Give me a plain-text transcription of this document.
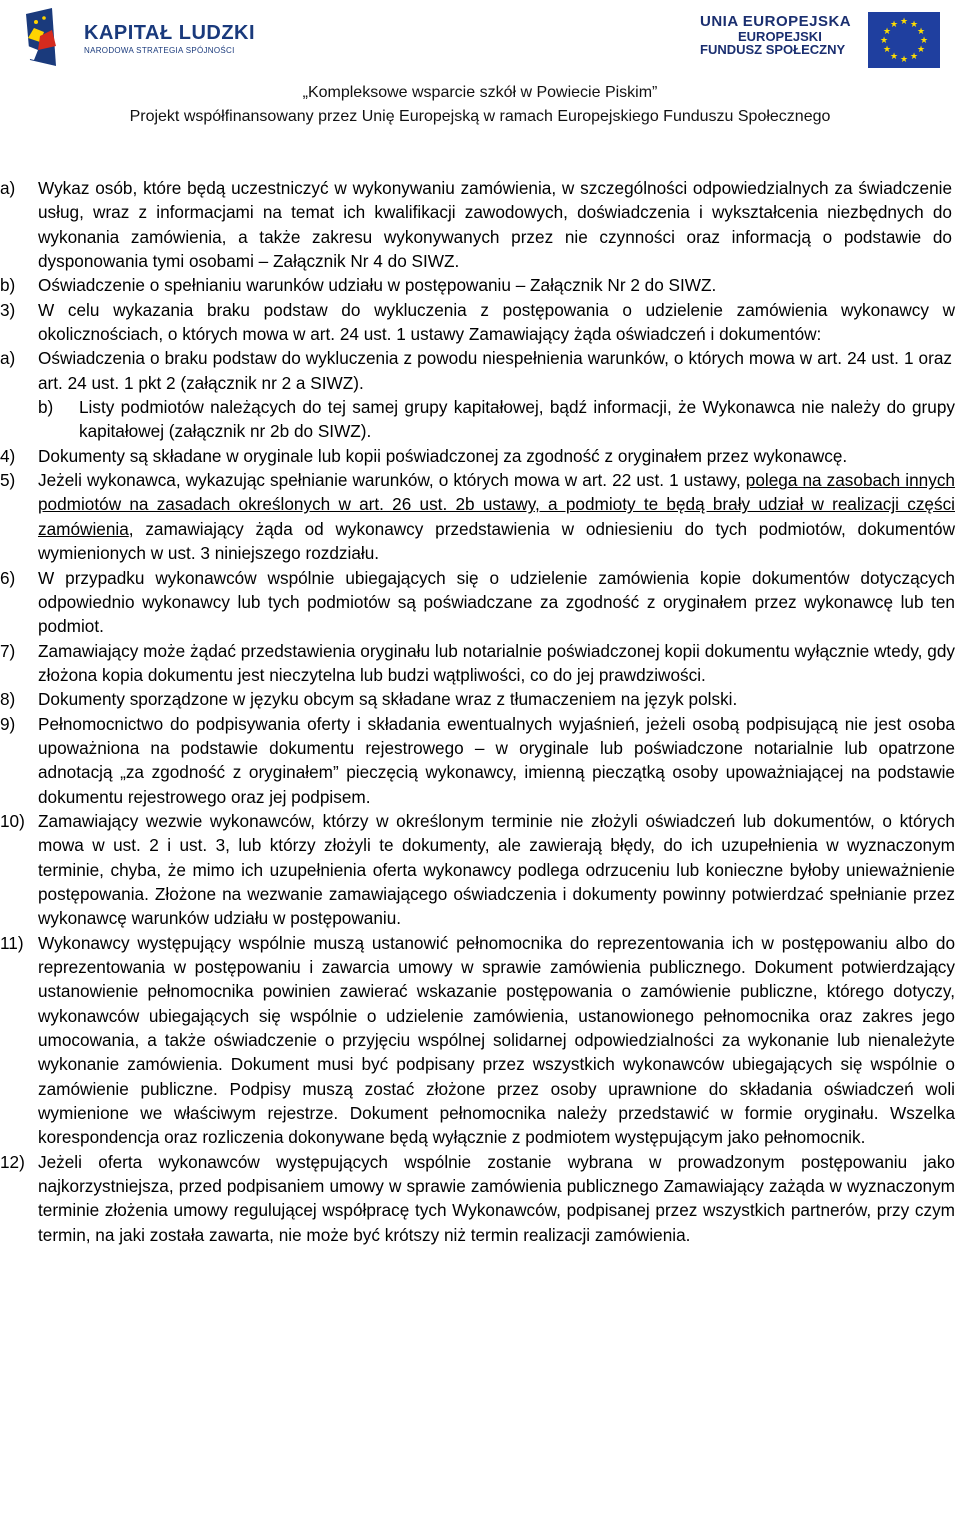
KAPITAŁ LUDZKI
NARODOWA STRATEGIA SPÓJNOŚCI
UNIA EUROPEJSKA
EUROPEJSKI
FUNDUSZ SPOŁECZNY
★ ★
★
★
★
★
★
★
★
★
★
★
„Kompleksowe wsparcie szkół w Powiecie Piskim”
Projekt współfinansowany przez Unię Europejską w ramach Europejskiego Funduszu Społecznego
a) Wykaz osób, które będą uczestniczyć w wykonywaniu zamówienia, w szczególności odpowiedzialnych za świadczenie usług, wraz z informacjami na temat ich kwalifikacji zawodowych, doświadczenia i wykształcenia niezbędnych do wykonania zamówienia, a także zakresu wykonywanych przez nie czynności oraz informacją o podstawie do dysponowania tymi osobami – Załącznik Nr 4 do SIWZ.
b) Oświadczenie o spełnianiu warunków udziału w postępowaniu – Załącznik Nr 2 do SIWZ.
3) W celu wykazania braku podstaw do wykluczenia z postępowania o udzielenie zamówienia wykonawcy w okolicznościach, o których mowa w art. 24 ust. 1 ustawy Zamawiający żąda oświadczeń i dokumentów:
a) Oświadczenia o braku podstaw do wykluczenia z powodu niespełnienia warunków, o których mowa w art. 24 ust. 1 oraz art. 24 ust. 1 pkt 2 (załącznik nr 2 a SIWZ).
b) Listy podmiotów należących do tej samej grupy kapitałowej, bądź informacji, że Wykonawca nie należy do grupy kapitałowej (załącznik nr 2b do SIWZ).
4) Dokumenty są składane w oryginale lub kopii poświadczonej za zgodność z oryginałem przez wykonawcę.
5) Jeżeli wykonawca, wykazując spełnianie warunków, o których mowa w art. 22 ust. 1 ustawy, polega na zasobach innych podmiotów na zasadach określonych w art. 26 ust. 2b ustawy, a podmioty te będą brały udział w realizacji części zamówienia, zamawiający żąda od wykonawcy przedstawienia w odniesieniu do tych podmiotów, dokumentów wymienionych w ust. 3 niniejszego rozdziału.
6) W przypadku wykonawców wspólnie ubiegających się o udzielenie zamówienia kopie dokumentów dotyczących odpowiednio wykonawcy lub tych podmiotów są poświadczane za zgodność z oryginałem przez wykonawcę lub ten podmiot.
7) Zamawiający może żądać przedstawienia oryginału lub notarialnie poświadczonej kopii dokumentu wyłącznie wtedy, gdy złożona kopia dokumentu jest nieczytelna lub budzi wątpliwości, co do jej prawdziwości.
8) Dokumenty sporządzone w języku obcym są składane wraz z tłumaczeniem na język polski.
9) Pełnomocnictwo do podpisywania oferty i składania ewentualnych wyjaśnień, jeżeli osobą podpisującą nie jest osoba upoważniona na podstawie dokumentu rejestrowego – w oryginale lub poświadczone notarialnie lub opatrzone adnotacją „za zgodność z oryginałem” pieczęcią wykonawcy, imienną pieczątką osoby upoważniającej na podstawie dokumentu rejestrowego oraz jej podpisem.
10) Zamawiający wezwie wykonawców, którzy w określonym terminie nie złożyli oświadczeń lub dokumentów, o których mowa w ust. 2 i ust. 3, lub którzy złożyli te dokumenty, ale zawierają błędy, do ich uzupełnienia w wyznaczonym terminie, chyba, że mimo ich uzupełnienia oferta wykonawcy podlega odrzuceniu lub konieczne byłoby unieważnienie postępowania. Złożone na wezwanie zamawiającego oświadczenia i dokumenty powinny potwierdzać spełnianie przez wykonawcę warunków udziału w postępowaniu.
11) Wykonawcy występujący wspólnie muszą ustanowić pełnomocnika do reprezentowania ich w postępowaniu albo do reprezentowania w postępowaniu i zawarcia umowy w sprawie zamówienia publicznego. Dokument potwierdzający ustanowienie pełnomocnika powinien zawierać wskazanie postępowania o zamówienie publiczne, którego dotyczy, wykonawców ubiegających się wspólnie o udzielenie zamówienia, ustanowionego pełnomocnika oraz zakres jego umocowania, a także oświadczenie o przyjęciu wspólnej solidarnej odpowiedzialności za wykonanie lub nienależyte wykonanie zamówienia. Dokument musi być podpisany przez wszystkich wykonawców ubiegających się wspólnie o zamówienie publiczne. Podpisy muszą zostać złożone przez osoby uprawnione do składania oświadczeń woli wymienione we właściwym rejestrze. Dokument pełnomocnika należy przedstawić w formie oryginału. Wszelka korespondencja oraz rozliczenia dokonywane będą wyłącznie z podmiotem występującym jako pełnomocnik.
12) Jeżeli oferta wykonawców występujących wspólnie zostanie wybrana w prowadzonym postępowaniu jako najkorzystniejsza, przed podpisaniem umowy w sprawie zamówienia publicznego Zamawiający zażąda w wyznaczonym terminie złożenia umowy regulującej współpracę tych Wykonawców, podpisanej przez wszystkich partnerów, przy czym termin, na jaki została zawarta, nie może być krótszy niż termin realizacji zamówienia.
